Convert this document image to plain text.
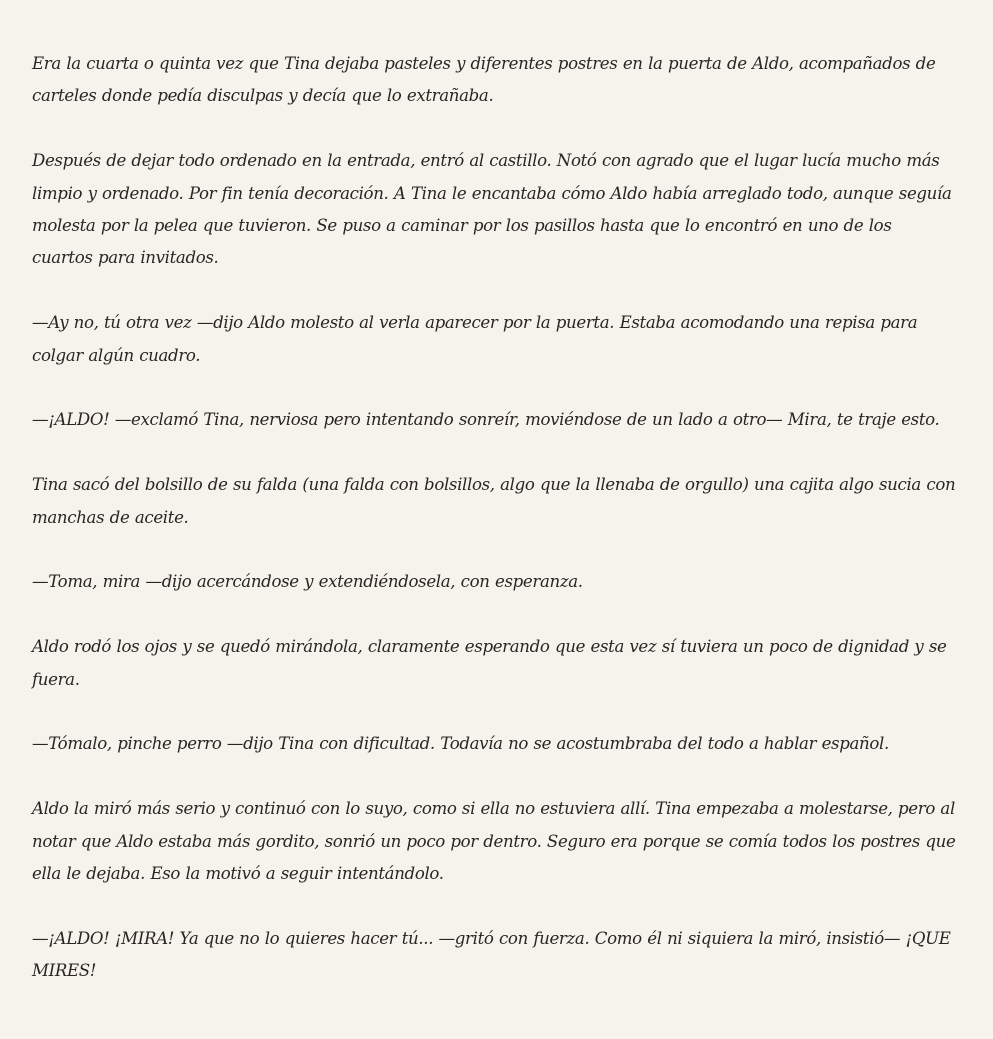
Era la cuarta o quinta vez que Tina dejaba pasteles y diferentes postres en la puerta de Aldo, acompañados de carteles donde pedía disculpas y decía que lo extrañaba.

Después de dejar todo ordenado en la entrada, entró al castillo. Notó con agrado que el lugar lucía mucho más limpio y ordenado. Por fin tenía decoración. A Tina le encantaba cómo Aldo había arreglado todo, aunque seguía molesta por la pelea que tuvieron. Se puso a caminar por los pasillos hasta que lo encontró en uno de los cuartos para invitados.

—Ay no, tú otra vez —dijo Aldo molesto al verla aparecer por la puerta. Estaba acomodando una repisa para colgar algún cuadro.

—¡ALDO! —exclamó Tina, nerviosa pero intentando sonreír, moviéndose de un lado a otro— Mira, te traje esto.

Tina sacó del bolsillo de su falda (una falda con bolsillos, algo que la llenaba de orgullo) una cajita algo sucia con manchas de aceite.

—Toma, mira —dijo acercándose y extendiéndosela, con esperanza.

Aldo rodó los ojos y se quedó mirándola, claramente esperando que esta vez sí tuviera un poco de dignidad y se fuera.

—Tómalo, pinche perro —dijo Tina con dificultad. Todavía no se acostumbraba del todo a hablar español.

Aldo la miró más serio y continuó con lo suyo, como si ella no estuviera allí. Tina empezaba a molestarse, pero al notar que Aldo estaba más gordito, sonrió un poco por dentro. Seguro era porque se comía todos los postres que ella le dejaba. Eso la motivó a seguir intentándolo.

—¡ALDO! ¡MIRA! Ya que no lo quieres hacer tú... —gritó con fuerza. Como él ni siquiera la miró, insistió— ¡QUE MIRES!
